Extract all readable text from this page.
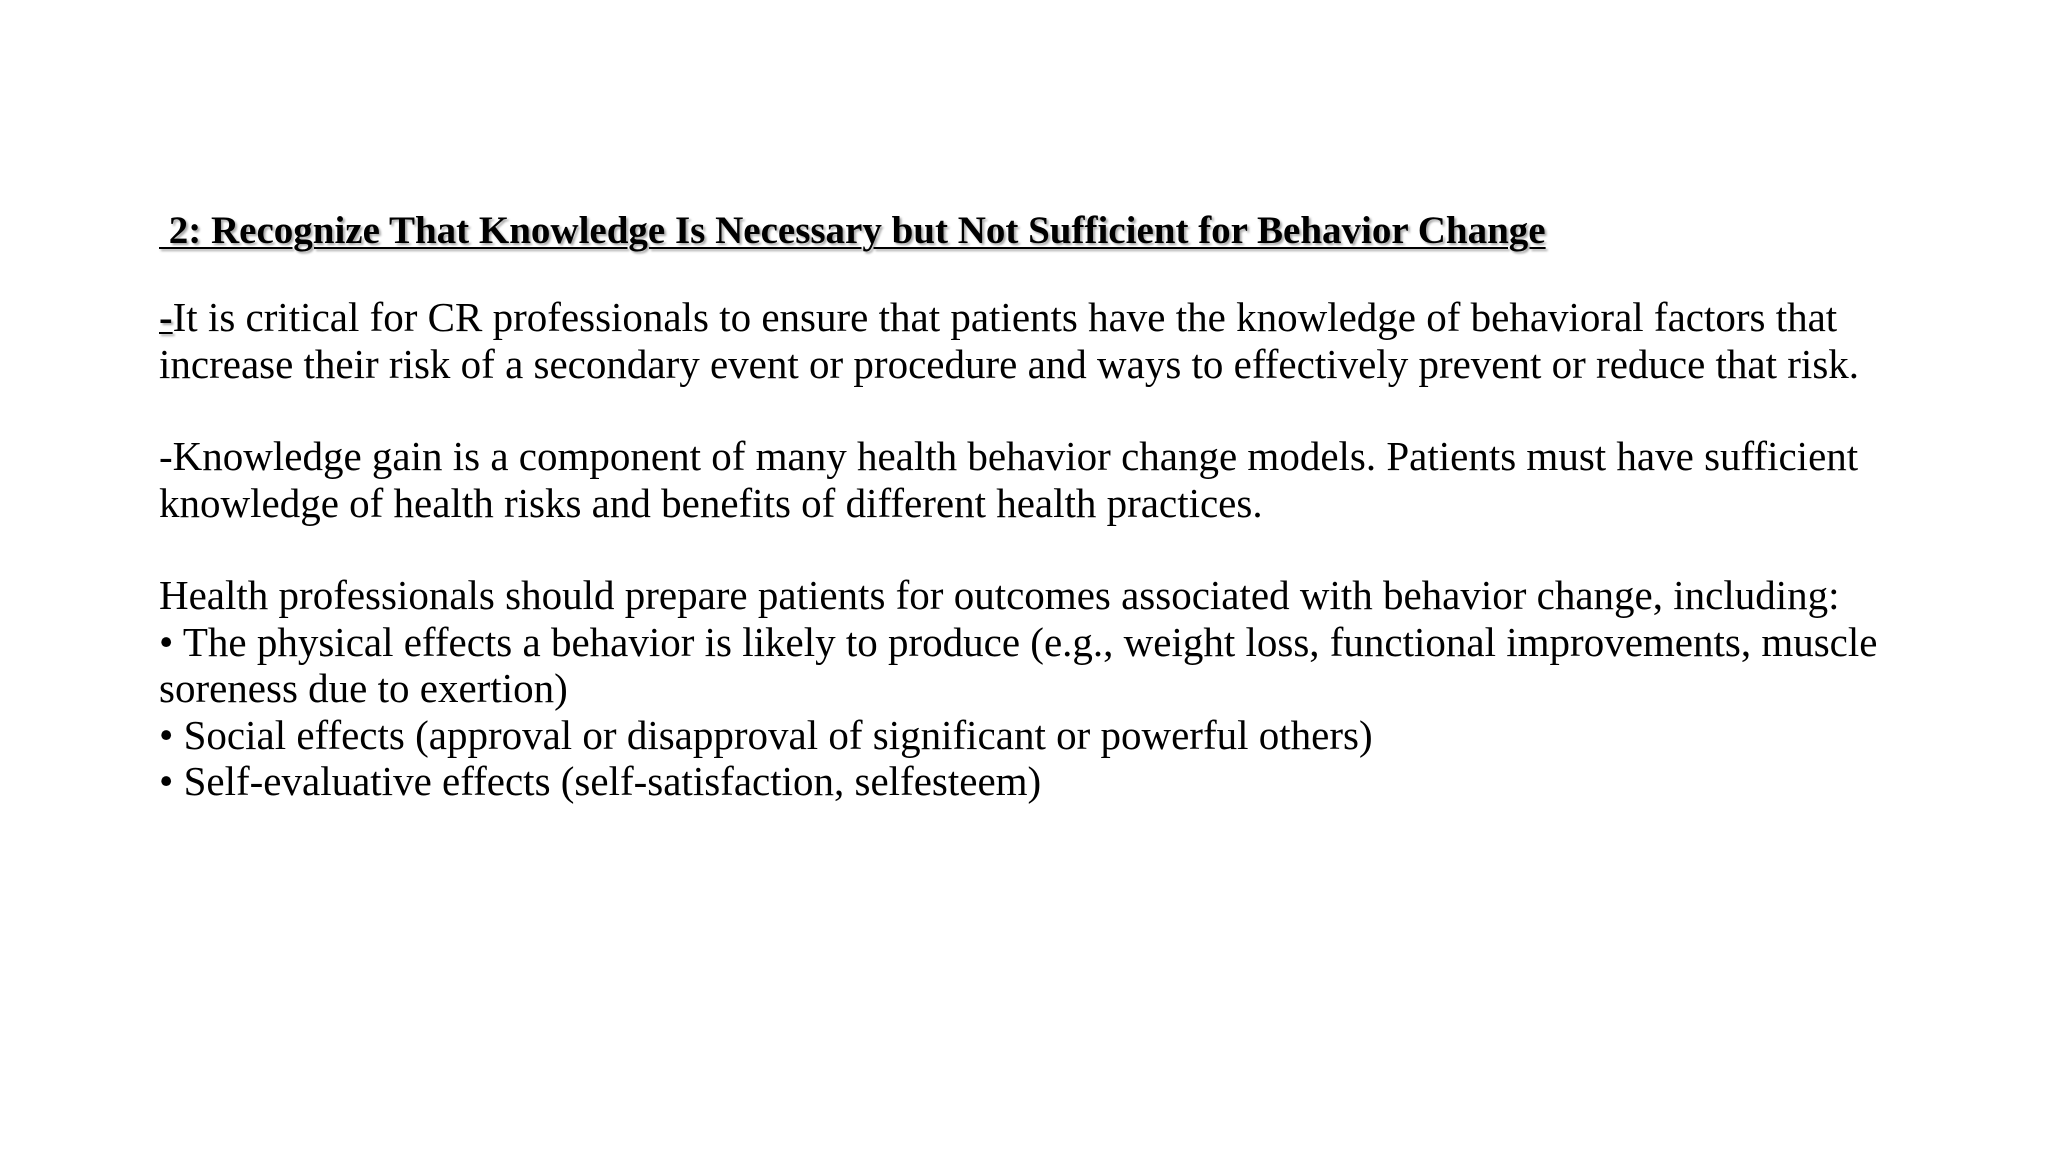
2: Recognize That Knowledge Is Necessary but Not Sufficient for Behavior Change

-It is critical for CR professionals to ensure that patients have the knowledge of behavioral factors that increase their risk of a secondary event or procedure and ways to effectively prevent or reduce that risk.

-Knowledge gain is a component of many health behavior change models. Patients must have sufficient knowledge of health risks and benefits of different health practices.

Health professionals should prepare patients for outcomes associated with behavior change, including:
• The physical effects a behavior is likely to produce (e.g., weight loss, functional improvements, muscle soreness due to exertion)
• Social effects (approval or disapproval of significant or powerful others)
• Self-evaluative effects (self-satisfaction, selfesteem)
